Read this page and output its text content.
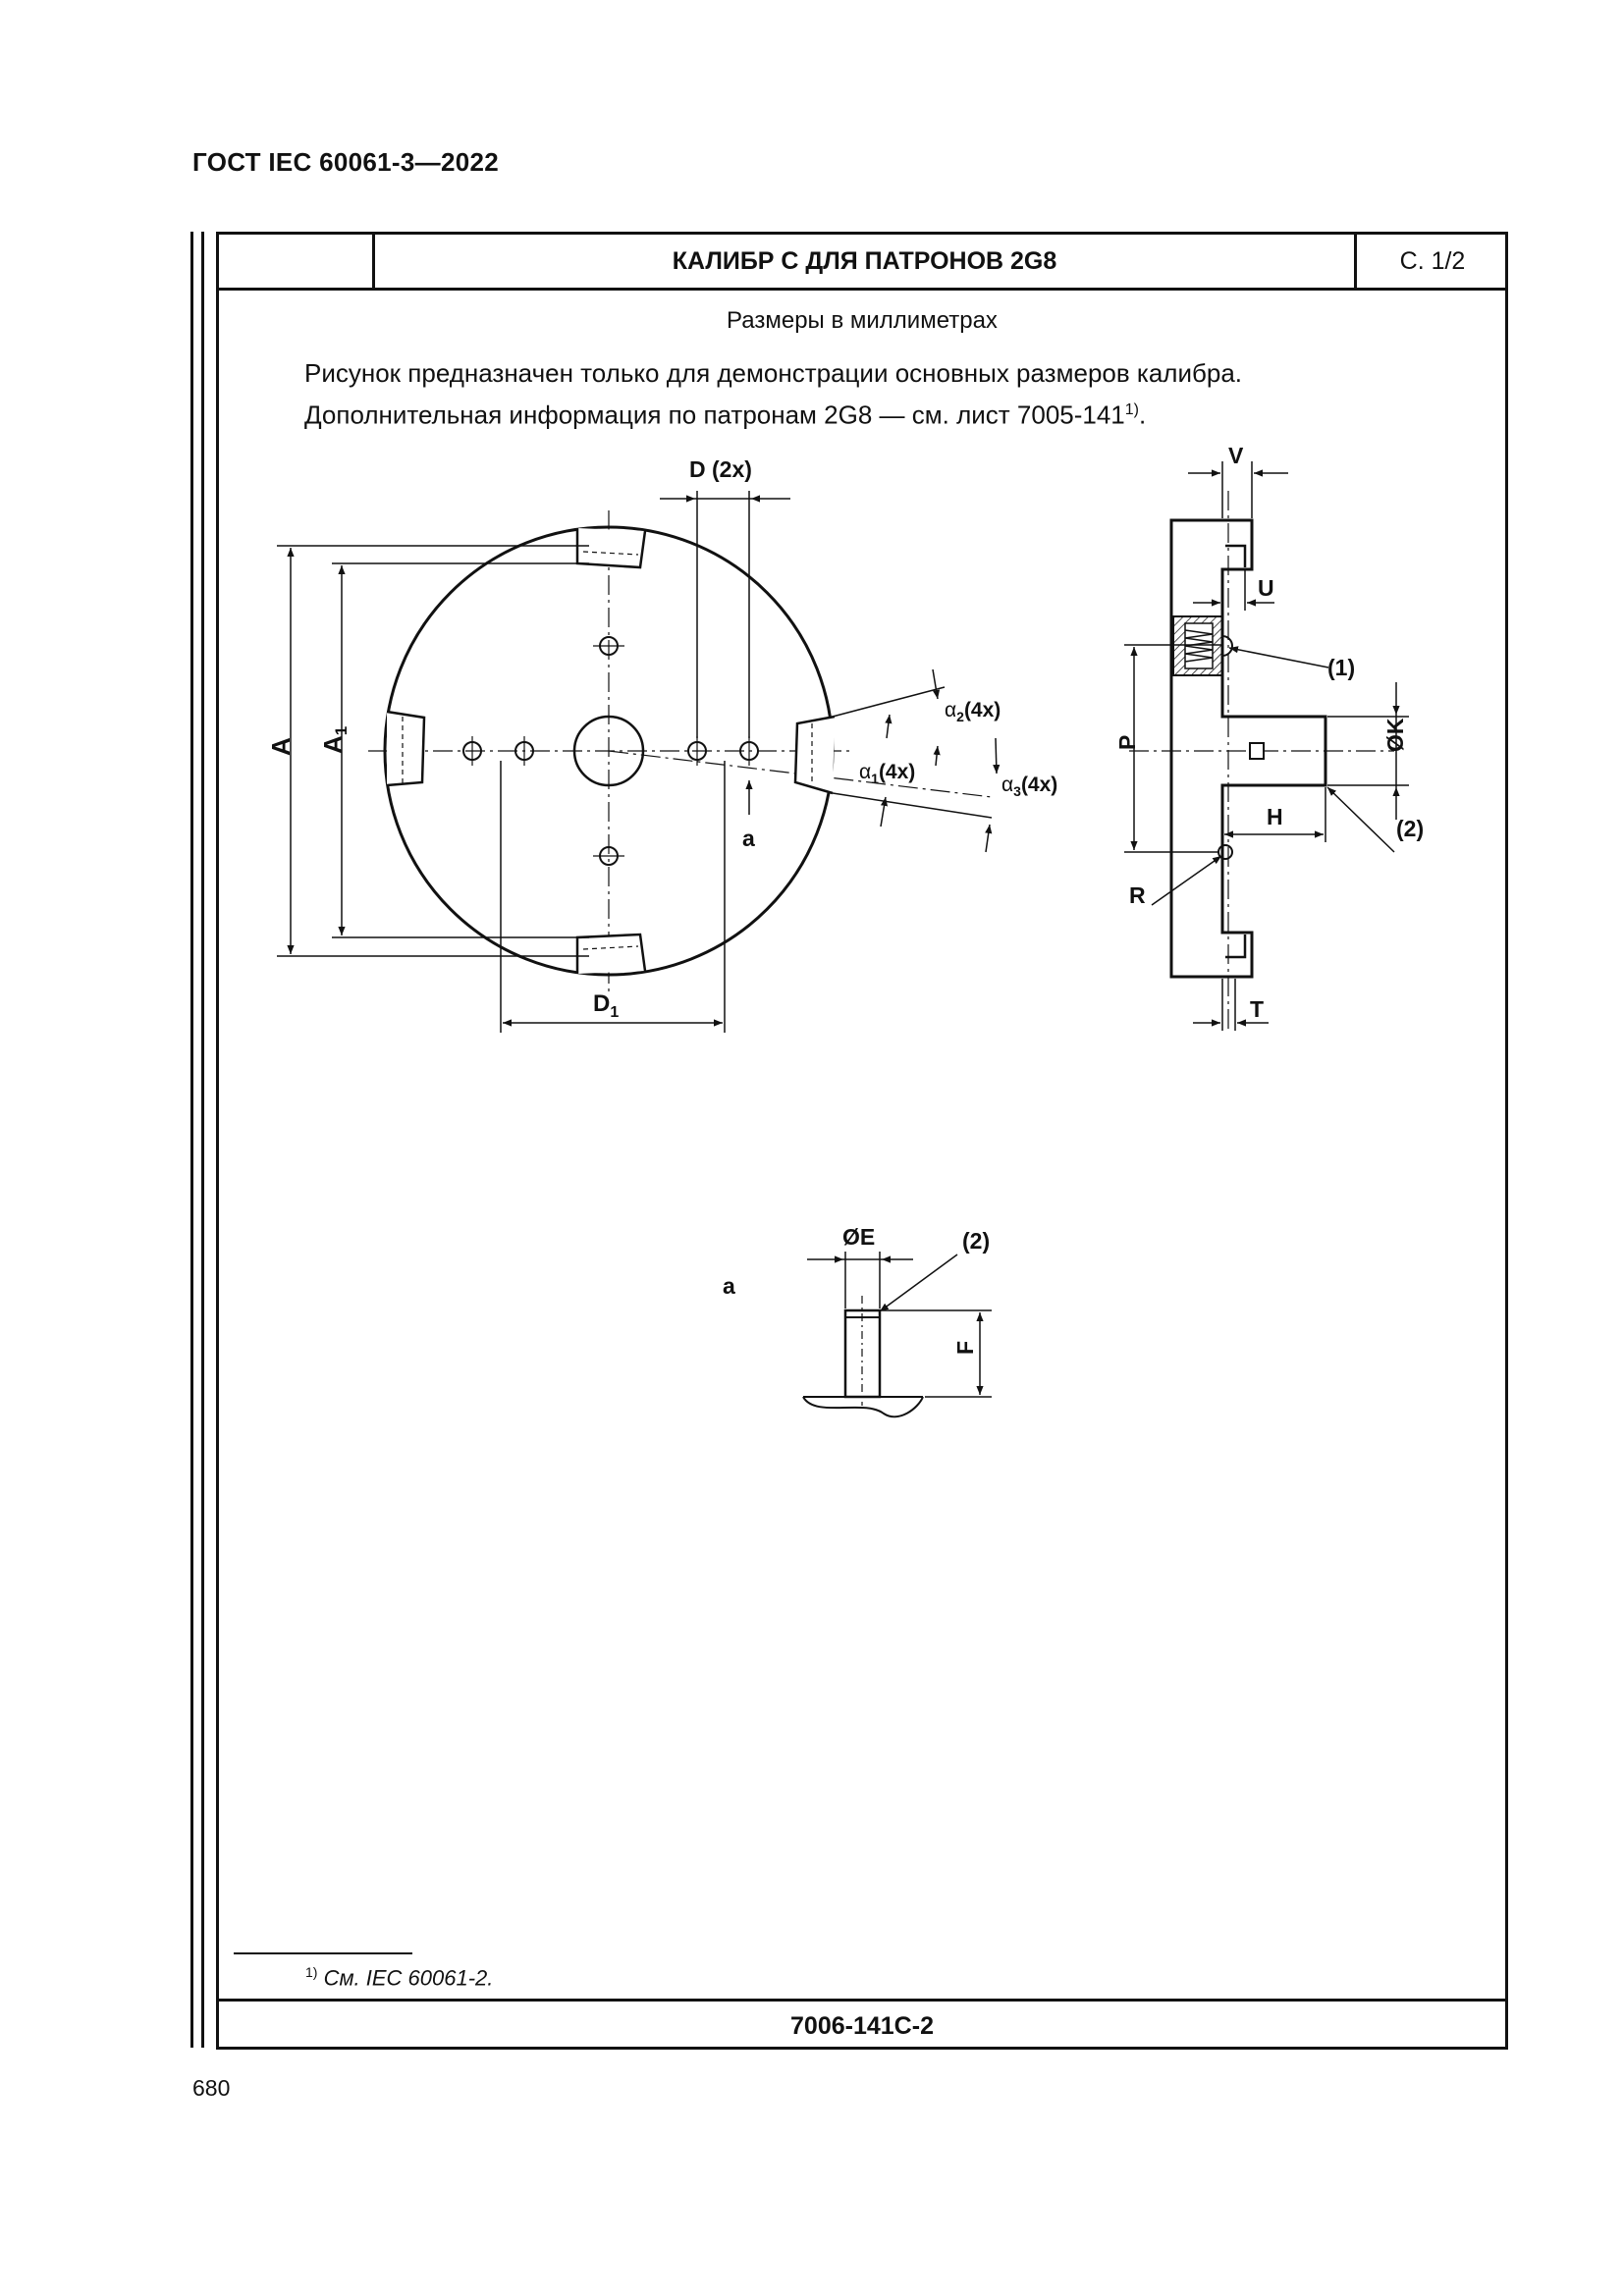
ГОСТ IEC 60061-3—2022
КАЛИБР С ДЛЯ ПАТРОНОВ 2G8	С. 1/2
Размеры в миллиметрах
Рисунок предназначен только для демонстрации основных размеров калибра.
Дополнительная информация по патронам 2G8 — см. лист 7005-141$^{1)}$.
$^{1)}$ См. IEC 60061-2.
7006-141C-2
680
D (2x)
A A1
$D_1$
a
$\alpha_1(4x)$
$\alpha_2(4x)$
$\alpha_3(4x)$
V
U
P	ØK
H
R
T
(1)
(2)
a
ØE	(2)
F
